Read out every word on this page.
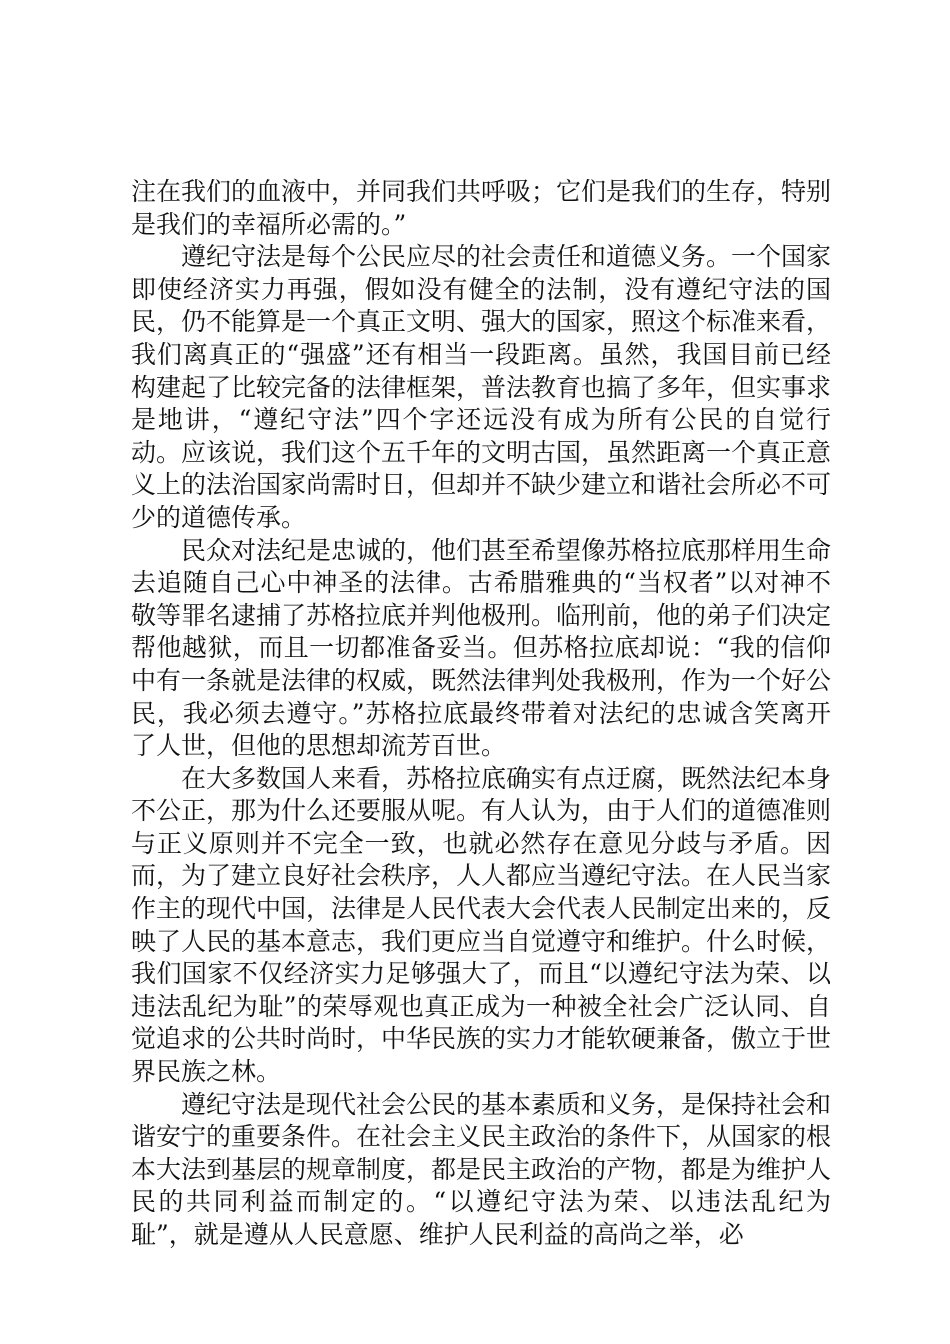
注在我们的血液中，并同我们共呼吸；它们是我们的生存，特别是我们的幸福所必需的。”

遵纪守法是每个公民应尽的社会责任和道德义务。一个国家即使经济实力再强，假如没有健全的法制，没有遵纪守法的国民，仍不能算是一个真正文明、强大的国家，照这个标准来看，我们离真正的“强盛”还有相当一段距离。虽然，我国目前已经构建起了比较完备的法律框架，普法教育也搞了多年，但实事求是地讲，“遵纪守法”四个字还远没有成为所有公民的自觉行动。应该说，我们这个五千年的文明古国，虽然距离一个真正意义上的法治国家尚需时日，但却并不缺少建立和谐社会所必不可少的道德传承。

民众对法纪是忠诚的，他们甚至希望像苏格拉底那样用生命去追随自己心中神圣的法律。古希腊雅典的“当权者”以对神不敬等罪名逮捕了苏格拉底并判他极刑。临刑前，他的弟子们决定帮他越狱，而且一切都准备妥当。但苏格拉底却说：“我的信仰中有一条就是法律的权威，既然法律判处我极刑，作为一个好公民，我必须去遵守。”苏格拉底最终带着对法纪的忠诚含笑离开了人世，但他的思想却流芳百世。

在大多数国人来看，苏格拉底确实有点迂腐，既然法纪本身不公正，那为什么还要服从呢。有人认为，由于人们的道德准则与正义原则并不完全一致，也就必然存在意见分歧与矛盾。因而，为了建立良好社会秩序，人人都应当遵纪守法。在人民当家作主的现代中国，法律是人民代表大会代表人民制定出来的，反映了人民的基本意志，我们更应当自觉遵守和维护。什么时候，我们国家不仅经济实力足够强大了，而且“以遵纪守法为荣、以违法乱纪为耻”的荣辱观也真正成为一种被全社会广泛认同、自觉追求的公共时尚时，中华民族的实力才能软硬兼备，傲立于世界民族之林。

遵纪守法是现代社会公民的基本素质和义务，是保持社会和谐安宁的重要条件。在社会主义民主政治的条件下，从国家的根本大法到基层的规章制度，都是民主政治的产物，都是为维护人民的共同利益而制定的。“以遵纪守法为荣、以违法乱纪为耻”，就是遵从人民意愿、维护人民利益的高尚之举，必
